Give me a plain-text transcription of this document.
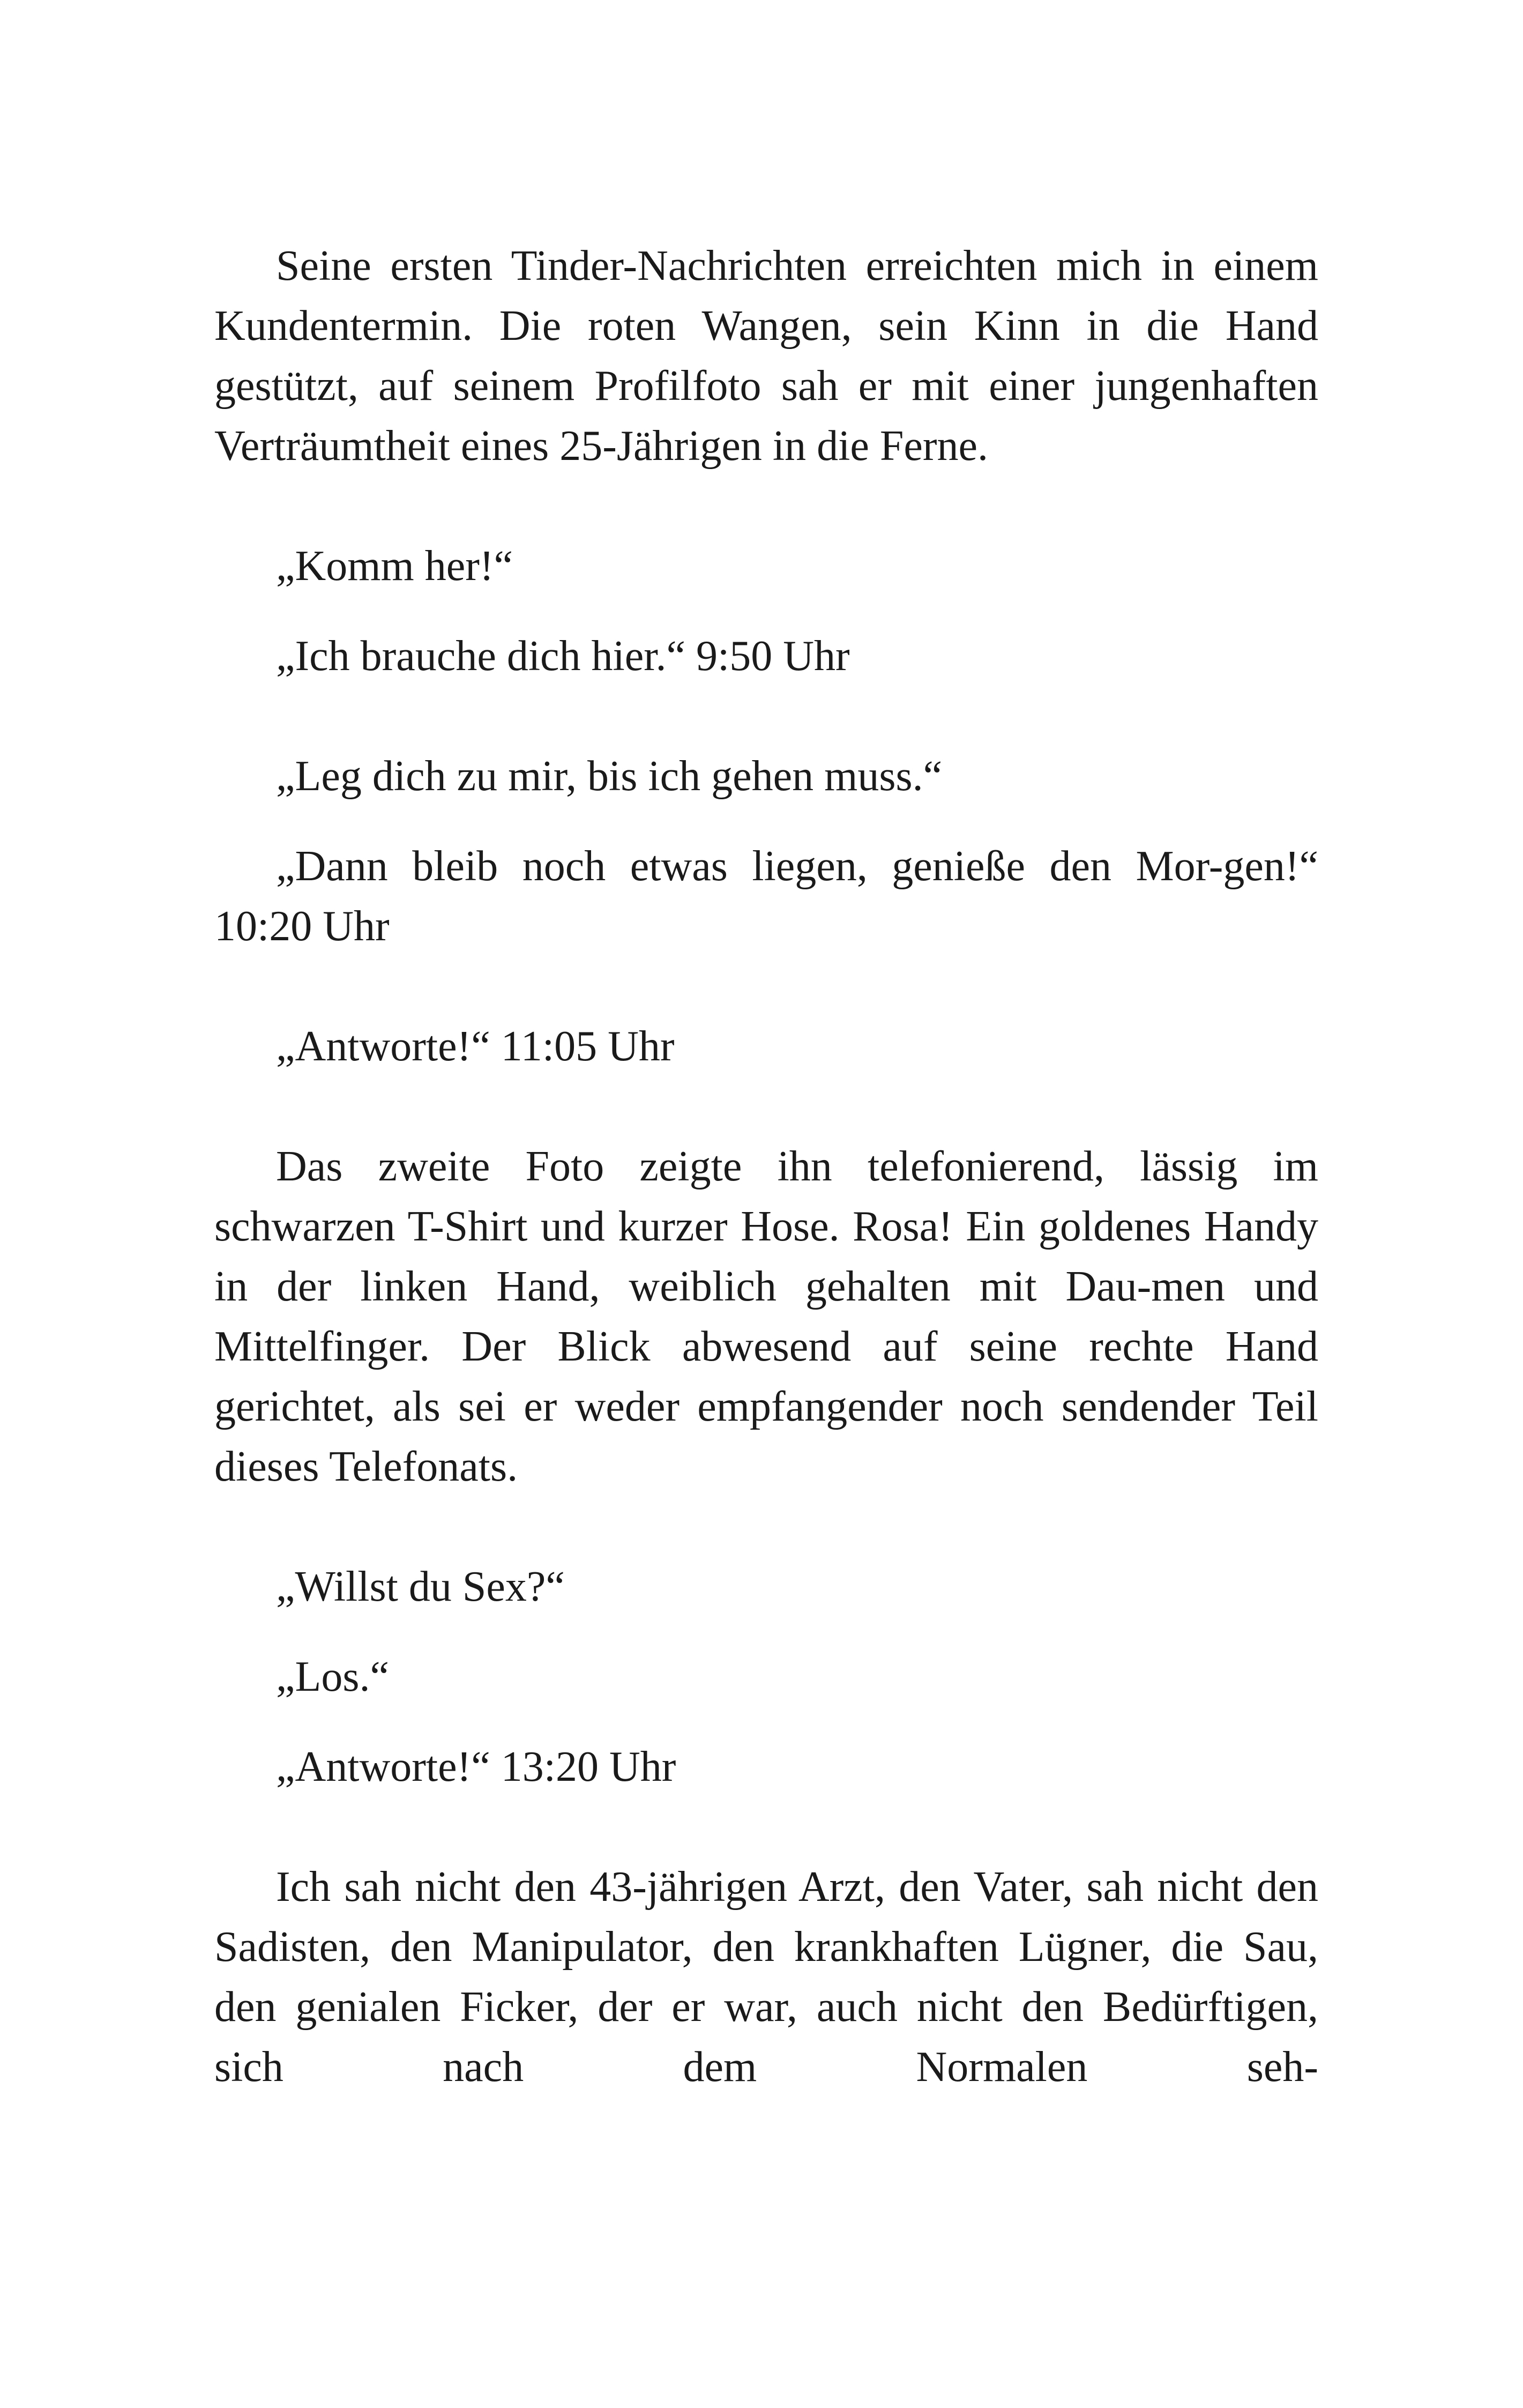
Seine ersten Tinder-Nachrichten erreichten mich in einem Kundentermin. Die roten Wangen, sein Kinn in die Hand gestützt, auf seinem Profilfoto sah er mit einer jungenhaften Verträumtheit eines 25-Jährigen in die Ferne.

„Komm her!“

„Ich brauche dich hier.“ 9:50 Uhr

„Leg dich zu mir, bis ich gehen muss.“

„Dann bleib noch etwas liegen, genieße den Mor-gen!“ 10:20 Uhr

„Antworte!“ 11:05 Uhr

Das zweite Foto zeigte ihn telefonierend, lässig im schwarzen T-Shirt und kurzer Hose. Rosa! Ein goldenes Handy in der linken Hand, weiblich gehalten mit Dau-men und Mittelfinger. Der Blick abwesend auf seine rechte Hand gerichtet, als sei er weder empfangender noch sendender Teil dieses Telefonats.

„Willst du Sex?“

„Los.“

„Antworte!“ 13:20 Uhr

Ich sah nicht den 43-jährigen Arzt, den Vater, sah nicht den Sadisten, den Manipulator, den krankhaften Lügner, die Sau, den genialen Ficker, der er war, auch nicht den Bedürftigen, sich nach dem Normalen seh-
